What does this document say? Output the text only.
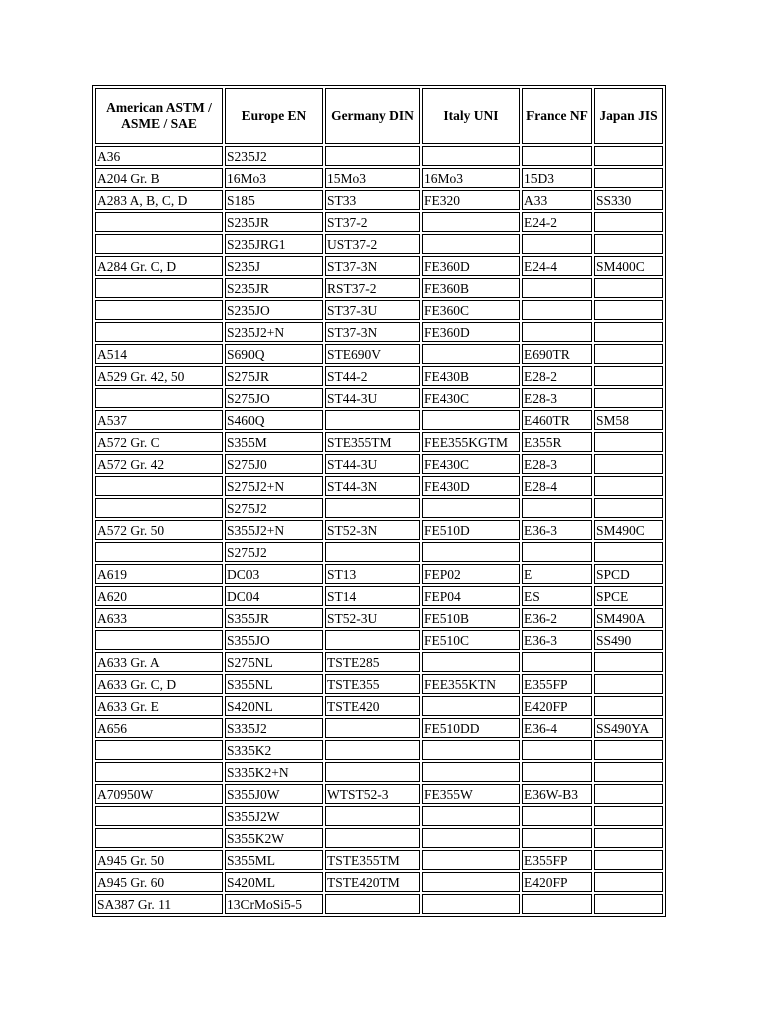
American ASTM / ASME / SAE	Europe EN	Germany DIN	Italy UNI	France NF	Japan JIS
A36	S235J2				
A204 Gr. B	16Mo3	15Mo3	16Mo3	15D3	
A283 A, B, C, D	S185	ST33	FE320	A33	SS330
	S235JR	ST37-2		E24-2	
	S235JRG1	UST37-2			
A284 Gr. C, D	S235J	ST37-3N	FE360D	E24-4	SM400C
	S235JR	RST37-2	FE360B		
	S235JO	ST37-3U	FE360C		
	S235J2+N	ST37-3N	FE360D		
A514	S690Q	STE690V		E690TR	
A529 Gr. 42, 50	S275JR	ST44-2	FE430B	E28-2	
	S275JO	ST44-3U	FE430C	E28-3	
A537	S460Q			E460TR	SM58
A572 Gr. C	S355M	STE355TM	FEE355KGTM	E355R	
A572 Gr. 42	S275J0	ST44-3U	FE430C	E28-3	
	S275J2+N	ST44-3N	FE430D	E28-4	
	S275J2				
A572 Gr. 50	S355J2+N	ST52-3N	FE510D	E36-3	SM490C
	S275J2				
A619	DC03	ST13	FEP02	E	SPCD
A620	DC04	ST14	FEP04	ES	SPCE
A633	S355JR	ST52-3U	FE510B	E36-2	SM490A
	S355JO		FE510C	E36-3	SS490
A633 Gr. A	S275NL	TSTE285			
A633 Gr. C, D	S355NL	TSTE355	FEE355KTN	E355FP	
A633 Gr. E	S420NL	TSTE420		E420FP	
A656	S335J2		FE510DD	E36-4	SS490YA
	S335K2				
	S335K2+N				
A70950W	S355J0W	WTST52-3	FE355W	E36W-B3	
	S355J2W				
	S355K2W				
A945 Gr. 50	S355ML	TSTE355TM		E355FP	
A945 Gr. 60	S420ML	TSTE420TM		E420FP	
SA387 Gr. 11	13CrMoSi5-5				
